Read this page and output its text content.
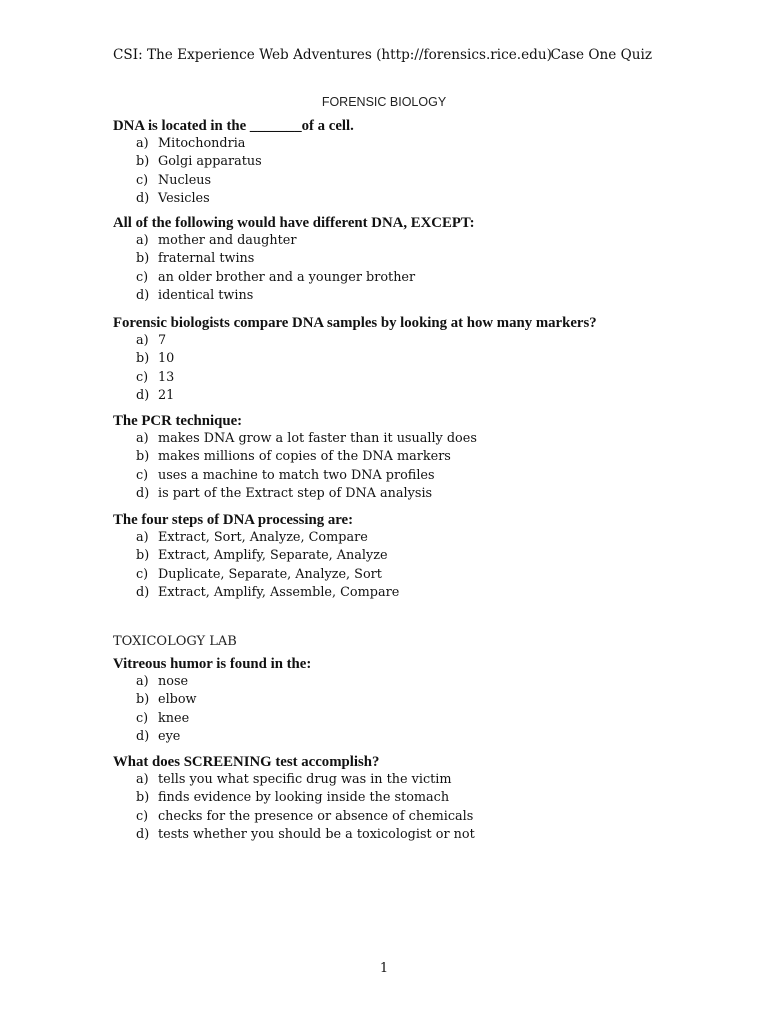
CSI: The Experience Web Adventures (http://forensics.rice.edu)
Case One Quiz
FORENSIC BIOLOGY
DNA is located in the _______of a cell.
a) Mitochondria
b) Golgi apparatus
c) Nucleus
d) Vesicles
All of the following would have different DNA, EXCEPT:
a) mother and daughter
b) fraternal twins
c) an older brother and a younger brother
d) identical twins
Forensic biologists compare DNA samples by looking at how many markers?
a) 7
b) 10
c) 13
d) 21
The PCR technique:
a) makes DNA grow a lot faster than it usually does
b) makes millions of copies of the DNA markers
c) uses a machine to match two DNA profiles
d) is part of the Extract step of DNA analysis
The four steps of DNA processing are:
a) Extract, Sort, Analyze, Compare
b) Extract, Amplify, Separate, Analyze
c) Duplicate, Separate, Analyze, Sort
d) Extract, Amplify, Assemble, Compare
TOXICOLOGY LAB
Vitreous humor is found in the:
a) nose
b) elbow
c) knee
d) eye
What does SCREENING test accomplish?
a) tells you what specific drug was in the victim
b) finds evidence by looking inside the stomach
c) checks for the presence or absence of chemicals
d) tests whether you should be a toxicologist or not
1
